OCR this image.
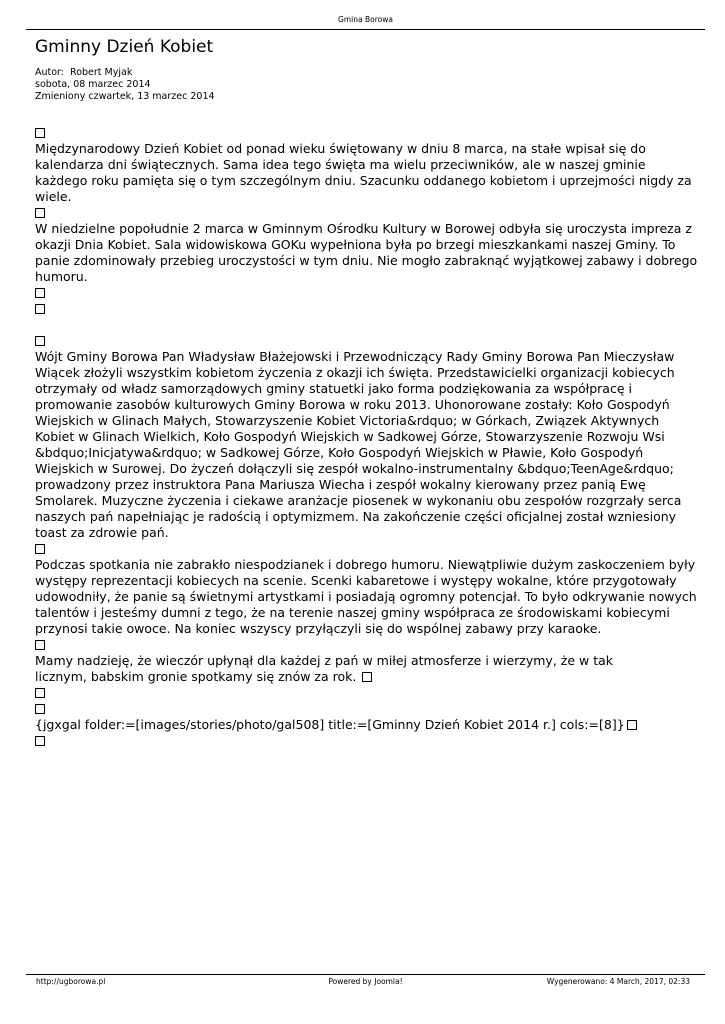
Gmina Borowa
Gminny Dzień Kobiet
Autor:  Robert Myjak
sobota, 08 marzec 2014
Zmieniony czwartek, 13 marzec 2014
Międzynarodowy Dzień Kobiet od ponad wieku świętowany w dniu 8 marca, na stałe wpisał się do
kalendarza dni świątecznych. Sama idea tego święta ma wielu przeciwników, ale w naszej gminie
każdego roku pamięta się o tym szczególnym dniu. Szacunku oddanego kobietom i uprzejmości nigdy za
wiele.
W niedzielne popołudnie 2 marca w Gminnym Ośrodku Kultury w Borowej odbyła się uroczysta impreza z
okazji Dnia Kobiet. Sala widowiskowa GOKu wypełniona była po brzegi mieszkankami naszej Gminy. To
panie zdominowały przebieg uroczystości w tym dniu. Nie mogło zabraknąć wyjątkowej zabawy i dobrego
humoru.
Wójt Gminy Borowa Pan Władysław Błażejowski i Przewodniczący Rady Gminy Borowa Pan Mieczysław
Wiącek złożyli wszystkim kobietom życzenia z okazji ich święta. Przedstawicielki organizacji kobiecych
otrzymały od władz samorządowych gminy statuetki jako forma podziękowania za współpracę i
promowanie zasobów kulturowych Gminy Borowa w roku 2013. Uhonorowane zostały: Koło Gospodyń
Wiejskich w Glinach Małych, Stowarzyszenie Kobiet Victoria&rdquo; w Górkach, Związek Aktywnych
Kobiet w Glinach Wielkich, Koło Gospodyń Wiejskich w Sadkowej Górze, Stowarzyszenie Rozwoju Wsi
&bdquo;Inicjatywa&rdquo; w Sadkowej Górze, Koło Gospodyń Wiejskich w Pławie, Koło Gospodyń
Wiejskich w Surowej. Do życzeń dołączyli się zespół wokalno-instrumentalny &bdquo;TeenAge&rdquo;
prowadzony przez instruktora Pana Mariusza Wiecha i zespół wokalny kierowany przez panią Ewę
Smolarek. Muzyczne życzenia i ciekawe aranżacje piosenek w wykonaniu obu zespołów rozgrzały serca
naszych pań napełniając je radością i optymizmem. Na zakończenie części oficjalnej został wzniesiony
toast za zdrowie pań.
Podczas spotkania nie zabrakło niespodzianek i dobrego humoru. Niewątpliwie dużym zaskoczeniem były
występy reprezentacji kobiecych na scenie. Scenki kabaretowe i występy wokalne, które przygotowały
udowodniły, że panie są świetnymi artystkami i posiadają ogromny potencjał. To było odkrywanie nowych
talentów i jesteśmy dumni z tego, że na terenie naszej gminy współpraca ze środowiskami kobiecymi
przynosi takie owoce. Na koniec wszyscy przyłączyli się do wspólnej zabawy przy karaoke.
Mamy nadzieję, że wieczór upłynął dla każdej z pań w miłej atmosferze i wierzymy, że w tak
licznym, babskim gronie spotkamy się znów za rok.
{jgxgal folder:=[images/stories/photo/gal508] title:=[Gminny Dzień Kobiet 2014 r.] cols:=[8]}
http://ugborowa.pl	Powered by Joomla!	Wygenerowano: 4 March, 2017, 02:33
